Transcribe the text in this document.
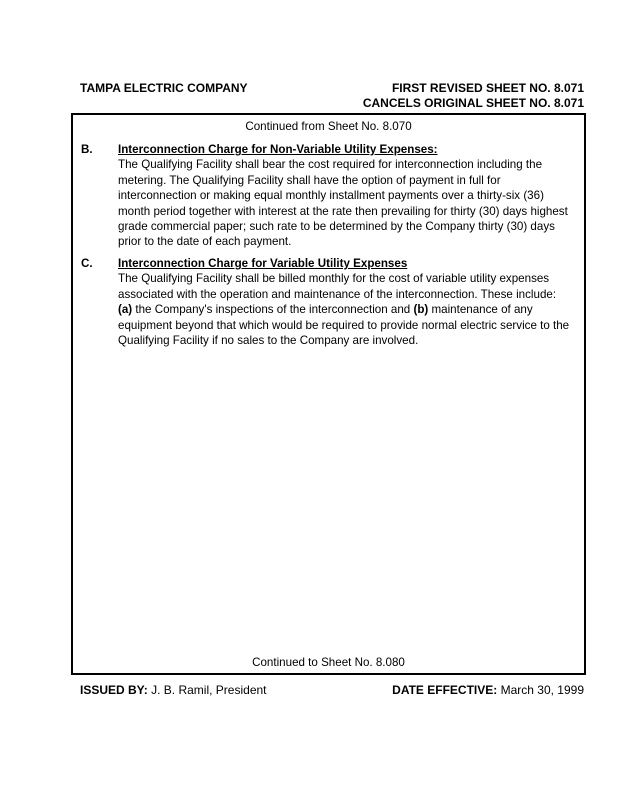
TAMPA ELECTRIC COMPANY	FIRST REVISED SHEET NO. 8.071
CANCELS ORIGINAL SHEET NO. 8.071
Continued from Sheet No. 8.070
B. Interconnection Charge for Non-Variable Utility Expenses:
The Qualifying Facility shall bear the cost required for interconnection including the metering. The Qualifying Facility shall have the option of payment in full for interconnection or making equal monthly installment payments over a thirty-six (36) month period together with interest at the rate then prevailing for thirty (30) days highest grade commercial paper; such rate to be determined by the Company thirty (30) days prior to the date of each payment.
C. Interconnection Charge for Variable Utility Expenses
The Qualifying Facility shall be billed monthly for the cost of variable utility expenses associated with the operation and maintenance of the interconnection. These include:
(a) the Company's inspections of the interconnection and (b) maintenance of any equipment beyond that which would be required to provide normal electric service to the Qualifying Facility if no sales to the Company are involved.
Continued to Sheet No. 8.080
ISSUED BY: J. B. Ramil, President	DATE EFFECTIVE: March 30, 1999
